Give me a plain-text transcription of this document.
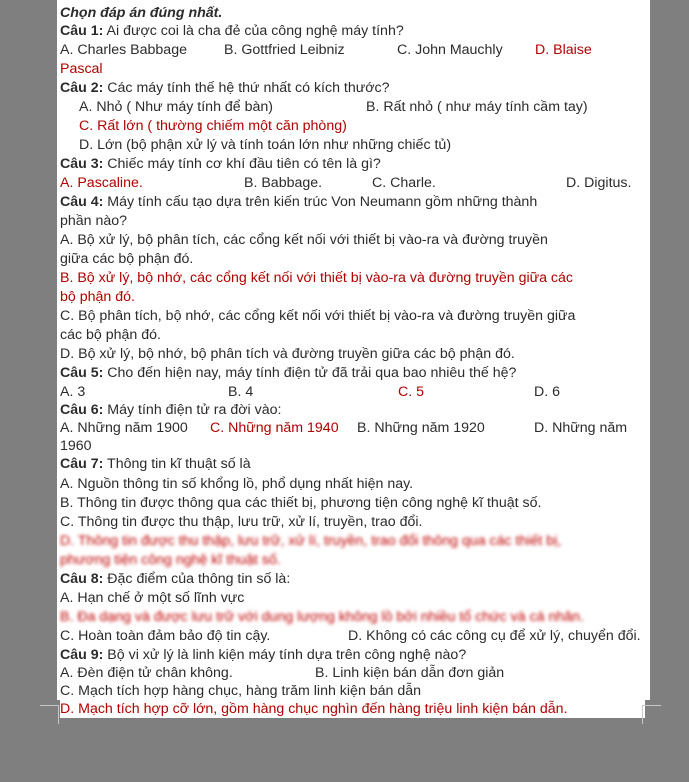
Chọn đáp án đúng nhất.
Câu 1: Ai được coi là cha đẻ của công nghệ máy tính?
A. Charles Babbage	B. Gottfried Leibniz	C. John Mauchly D. Blaise
Pascal
Câu 2: Các máy tính thế hệ thứ nhất có kích thước?
A. Nhỏ ( Như máy tính để bàn)	B. Rất nhỏ ( như máy tính cầm tay)
C. Rất lớn ( thường chiếm một căn phòng)
D. Lớn (bộ phận xử lý và tính toán lớn như những chiếc tủ)
Câu 3: Chiếc máy tính cơ khí đầu tiên có tên là gì?
A. Pascaline.	B. Babbage.	C. Charle.	D. Digitus.
Câu 4: Máy tính cấu tạo dựa trên kiến trúc Von Neumann gồm những thành
phần nào?
A. Bộ xử lý, bộ phân tích, các cổng kết nối với thiết bị vào-ra và đường truyền
giữa các bộ phận đó.
B. Bộ xử lý, bộ nhớ, các cổng kết nối với thiết bị vào-ra và đường truyền giữa các
bộ phận đó.
C. Bộ phân tích, bộ nhớ, các cổng kết nối với thiết bị vào-ra và đường truyền giữa
các bộ phận đó.
D. Bộ xử lý, bộ nhớ, bộ phân tích và đường truyền giữa các bộ phận đó.
Câu 5: Cho đến hiện nay, máy tính điện tử đã trải qua bao nhiêu thế hệ?
A. 3	B. 4	C. 5	D. 6
Câu 6: Máy tính điện tử ra đời vào:
A. Những năm 1900 C. Những năm 1940 B. Những năm 1920	D. Những năm
1960
Câu 7: Thông tin kĩ thuật số là
A. Nguồn thông tin số khổng lồ, phổ dụng nhất hiện nay.
B. Thông tin được thông qua các thiết bị, phương tiện công nghệ kĩ thuật số.
C. Thông tin được thu thập, lưu trữ, xử lí, truyền, trao đổi.
D. Thông tin được thu thập, lưu trữ, xử lí, truyền, trao đổi thông qua các thiết bị,
phương tiện công nghệ kĩ thuật số.
Câu 8: Đặc điểm của thông tin số là:
A. Hạn chế ở một số lĩnh vực
B. Đa dạng và được lưu trữ với dung lượng không lồ bởi nhiều tổ chức và cá nhân.
C. Hoàn toàn đảm bảo độ tin cậy.	D. Không có các công cụ để xử lý, chuyển đổi.
Câu 9: Bộ vi xử lý là linh kiện máy tính dựa trên công nghệ nào?
A. Đèn điện tử chân không.	B. Linh kiện bán dẫn đơn giản
C. Mạch tích hợp hàng chục, hàng trăm linh kiện bán dẫn
D. Mạch tích hợp cỡ lớn, gồm hàng chục nghìn đến hàng triệu linh kiện bán dẫn.
